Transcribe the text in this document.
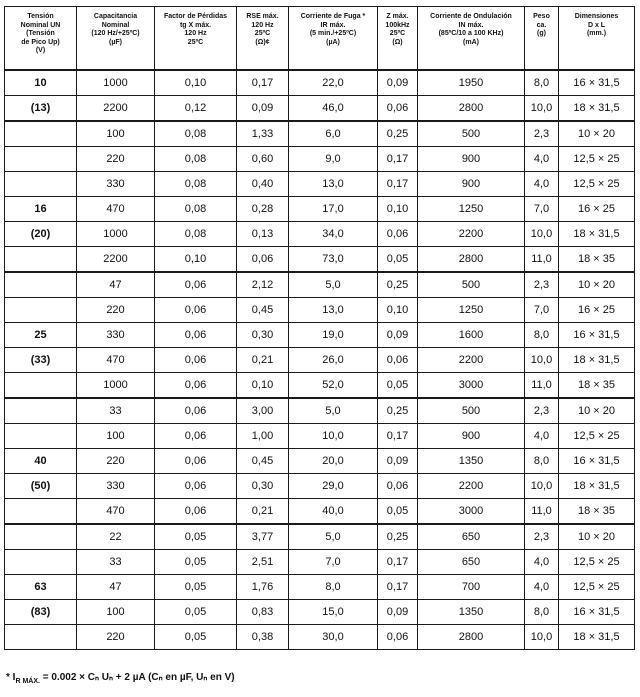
Tensión
Nominal UN
(Tensión
de Pico Up)
(V)	Capacitancia
Nominal
(120 Hz/+25ºC)
(µF)	Factor de Pérdidas
tg X máx.
120 Hz
25ºC	RSE máx.
120 Hz
25ºC
(Ω)¢	Corriente de Fuga *
IR máx.
(5 min./+25ºC)
(µA)	Z máx.
100kHz
25ºC
(Ω)	Corriente de Ondulación
IN máx.
(85ºC/10 a 100 KHz)
(mA)	Peso
ca.
(g)	Dimensiones
D x L
(mm.)
10	1000	0,10	0,17	22,0	0,09	1950	8,0	16 × 31,5
(13)	2200	0,12	0,09	46,0	0,06	2800	10,0	18 × 31,5
	100	0,08	1,33	6,0	0,25	500	2,3	10 × 20
	220	0,08	0,60	9,0	0,17	900	4,0	12,5 × 25
	330	0,08	0,40	13,0	0,17	900	4,0	12,5 × 25
16	470	0,08	0,28	17,0	0,10	1250	7,0	16 × 25
(20)	1000	0,08	0,13	34,0	0,06	2200	10,0	18 × 31,5
	2200	0,10	0,06	73,0	0,05	2800	11,0	18 × 35
	47	0,06	2,12	5,0	0,25	500	2,3	10 × 20
	220	0,06	0,45	13,0	0,10	1250	7,0	16 × 25
25	330	0,06	0,30	19,0	0,09	1600	8,0	16 × 31,5
(33)	470	0,06	0,21	26,0	0,06	2200	10,0	18 × 31,5
	1000	0,06	0,10	52,0	0,05	3000	11,0	18 × 35
	33	0,06	3,00	5,0	0,25	500	2,3	10 × 20
	100	0,06	1,00	10,0	0,17	900	4,0	12,5 × 25
40	220	0,06	0,45	20,0	0,09	1350	8,0	16 × 31,5
(50)	330	0,06	0,30	29,0	0,06	2200	10,0	18 × 31,5
	470	0,06	0,21	40,0	0,05	3000	11,0	18 × 35
	22	0,05	3,77	5,0	0,25	650	2,3	10 × 20
	33	0,05	2,51	7,0	0,17	650	4,0	12,5 × 25
63	47	0,05	1,76	8,0	0,17	700	4,0	12,5 × 25
(83)	100	0,05	0,83	15,0	0,09	1350	8,0	16 × 31,5
	220	0,05	0,38	30,0	0,06	2800	10,0	18 × 31,5
* $I_{R MÁX.} = 0.002 \times C_n$ Uₙ + 2 µA (Cₙ en µF, Uₙ en V)
